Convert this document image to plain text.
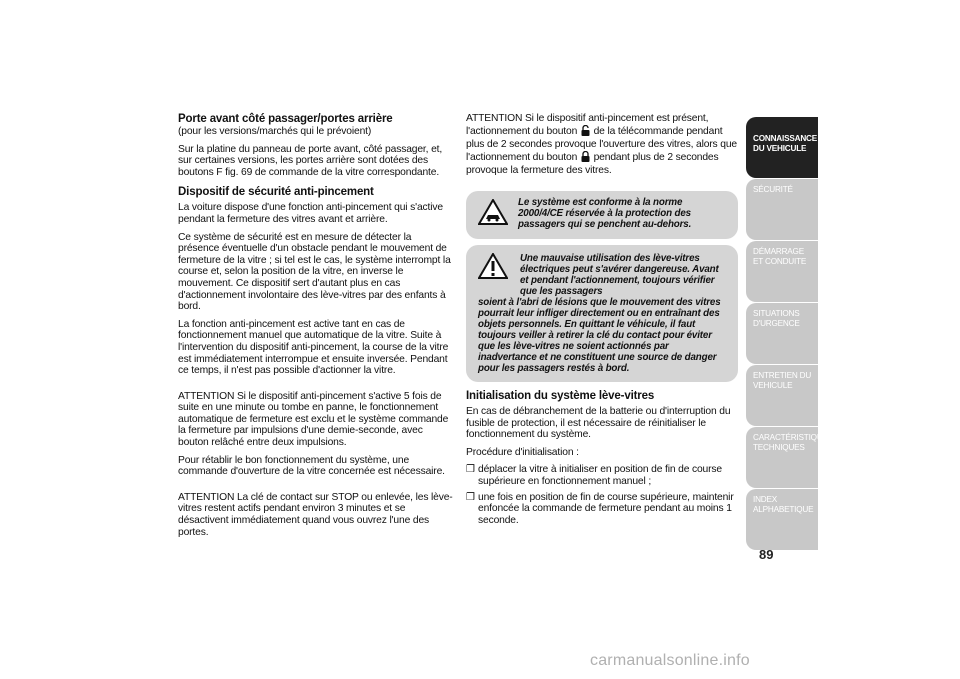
Porte avant côté passager/portes arrière

(pour les versions/marchés qui le prévoient)

Sur la platine du panneau de porte avant, côté passager, et, sur certaines versions, les portes arrière sont dotées des boutons F fig. 69 de commande de la vitre correspondante.

Dispositif de sécurité anti-pincement

La voiture dispose d'une fonction anti-pincement qui s'active pendant la fermeture des vitres avant et arrière.

Ce système de sécurité est en mesure de détecter la présence éventuelle d'un obstacle pendant le mouvement de fermeture de la vitre ; si tel est le cas, le système interrompt la course et, selon la position de la vitre, en inverse le mouvement. Ce dispositif sert d'autant plus en cas d'actionnement involontaire des lève-vitres par des enfants à bord.

La fonction anti-pincement est active tant en cas de fonctionnement manuel que automatique de la vitre. Suite à l'intervention du dispositif anti-pincement, la course de la vitre est immédiatement interrompue et ensuite inversée. Pendant ce temps, il n'est pas possible d'actionner la vitre.

ATTENTION Si le dispositif anti-pincement s'active 5 fois de suite en une minute ou tombe en panne, le fonctionnement automatique de fermeture est exclu et le système commande la fermeture par impulsions d'une demie-seconde, avec bouton relâché entre deux impulsions.

Pour rétablir le bon fonctionnement du système, une commande d'ouverture de la vitre concernée est nécessaire.

ATTENTION La clé de contact sur STOP ou enlevée, les lève-vitres restent actifs pendant environ 3 minutes et se désactivent immédiatement quand vous ouvrez l'une des portes.

ATTENTION Si le dispositif anti-pincement est présent, l'actionnement du bouton de la télécommande pendant plus de 2 secondes provoque l'ouverture des vitres, alors que l'actionnement du bouton pendant plus de 2 secondes provoque la fermeture des vitres.

Le système est conforme à la norme 2000/4/CE réservée à la protection des passagers qui se penchent au-dehors.
Une mauvaise utilisation des lève-vitres électriques peut s'avérer dangereuse. Avant et pendant l'actionnement, toujours vérifier que les passagers
soient à l'abri de lésions que le mouvement des vitres pourrait leur infliger directement ou en entraînant des objets personnels. En quittant le véhicule, il faut toujours veiller à retirer la clé du contact pour éviter que les lève-vitres ne soient actionnés par inadvertance et ne constituent une source de danger pour les passagers restés à bord.
Initialisation du système lève-vitres

En cas de débranchement de la batterie ou d'interruption du fusible de protection, il est nécessaire de réinitialiser le fonctionnement du système.

Procédure d'initialisation :

❒ déplacer la vitre à initialiser en position de fin de course supérieure en fonctionnement manuel ;
❒ une fois en position de fin de course supérieure, maintenir enfoncée la commande de fermeture pendant au moins 1 seconde.
CONNAISSANCE DU VEHICULE
SÉCURITÉ
DÉMARRAGE ET CONDUITE
SITUATIONS D'URGENCE
ENTRETIEN DU VEHICULE
CARACTÉRISTIQUES TECHNIQUES
INDEX ALPHABETIQUE
89
carmanualsonline.info
